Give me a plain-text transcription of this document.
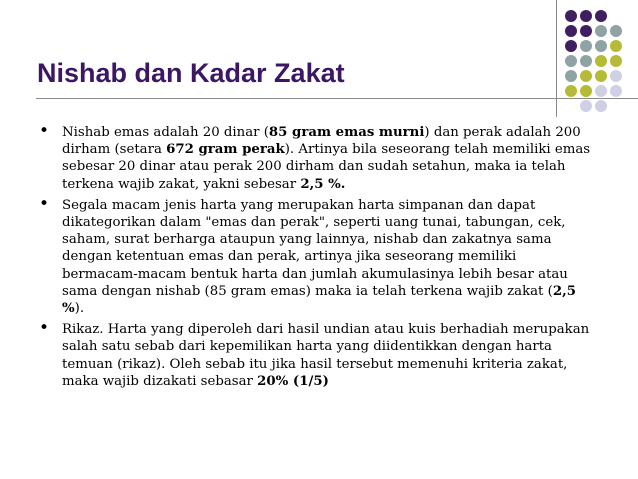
Nishab dan Kadar Zakat
• Nishab emas adalah 20 dinar (85 gram emas murni) dan perak adalah 200 dirham (setara 672 gram perak). Artinya bila seseorang telah memiliki emas sebesar 20 dinar atau perak 200 dirham dan sudah setahun, maka ia telah terkena wajib zakat, yakni sebesar 2,5 %.
• Segala macam jenis harta yang merupakan harta simpanan dan dapat dikategorikan dalam "emas dan perak", seperti uang tunai, tabungan, cek, saham, surat berharga ataupun yang lainnya, nishab dan zakatnya sama dengan ketentuan emas dan perak, artinya jika seseorang memiliki bermacam-macam bentuk harta dan jumlah akumulasinya lebih besar atau sama dengan nishab (85 gram emas) maka ia telah terkena wajib zakat (2,5 %).
• Rikaz. Harta yang diperoleh dari hasil undian atau kuis berhadiah merupakan salah satu sebab dari kepemilikan harta yang diidentikkan dengan harta temuan (rikaz). Oleh sebab itu jika hasil tersebut memenuhi kriteria zakat, maka wajib dizakati sebasar 20% (1/5)
